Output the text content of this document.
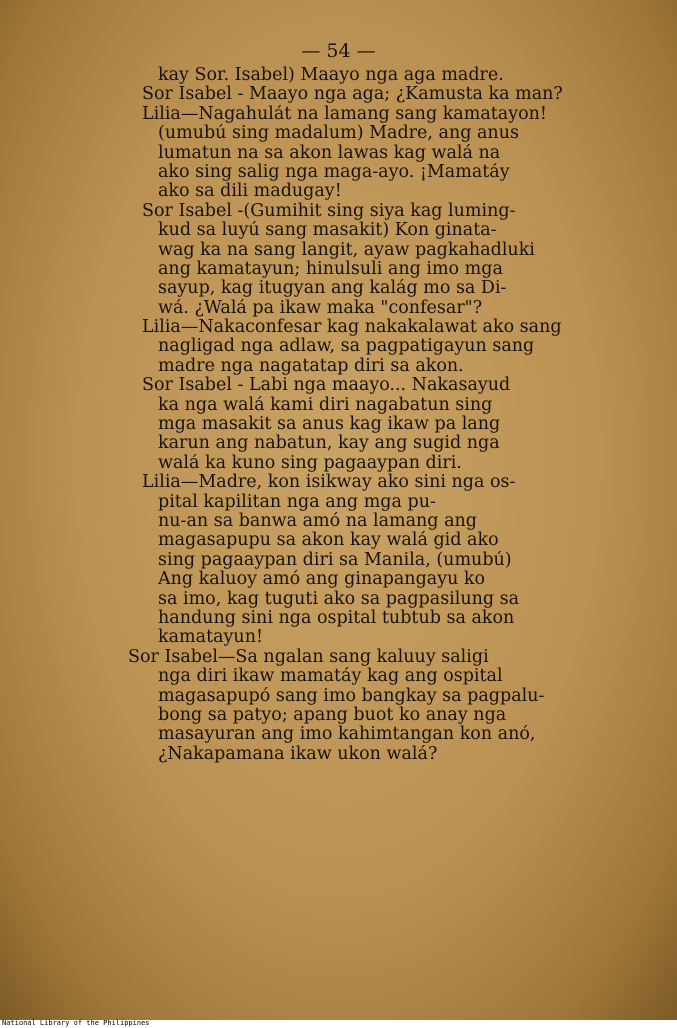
— 54 —
kay Sor. Isabel) Maayo nga aga madre.
Sor Isabel - Maayo nga aga; ¿Kamusta ka man?
Lilia—Nagahulát na lamang sang kamatayon!
(umubú sing madalum) Madre, ang anus
lumatun na sa akon lawas kag walá na
ako sing salig nga maga-ayo. ¡Mamatáy
ako sa dili madugay!
Sor Isabel -(Gumihit sing siya kag luming-
kud sa luyú sang masakit) Kon ginata-
wag ka na sang langit, ayaw pagkahadluki
ang kamatayun; hinulsuli ang imo mga
sayup, kag itugyan ang kalág mo sa Di-
wá. ¿Walá pa ikaw maka "confesar"?
Lilia—Nakaconfesar kag nakakalawat ako sang
nagligad nga adlaw, sa pagpatigayun sang
madre nga nagatatap diri sa akon.
Sor Isabel - Labi nga maayo... Nakasayud
ka nga walá kami diri nagabatun sing
mga masakit sa anus kag ikaw pa lang
karun ang nabatun, kay ang sugid nga
walá ka kuno sing pagaaypan diri.
Lilia—Madre, kon isikway ako sini nga os-
pital kapilitan nga ang mga pu-
nu-an sa banwa amó na lamang ang
magasapupu sa akon kay walá gid ako
sing pagaaypan diri sa Manila, (umubú)
Ang kaluoy amó ang ginapangayu ko
sa imo, kag tuguti ako sa pagpasilung sa
handung sini nga ospital tubtub sa akon
kamatayun!
Sor Isabel—Sa ngalan sang kaluuy saligi
nga diri ikaw mamatáy kag ang ospital
magasapupó sang imo bangkay sa pagpalu-
bong sa patyo; apang buot ko anay nga
masayuran ang imo kahimtangan kon anó,
¿Nakapamana ikaw ukon walá?
National Library of the Philippines
